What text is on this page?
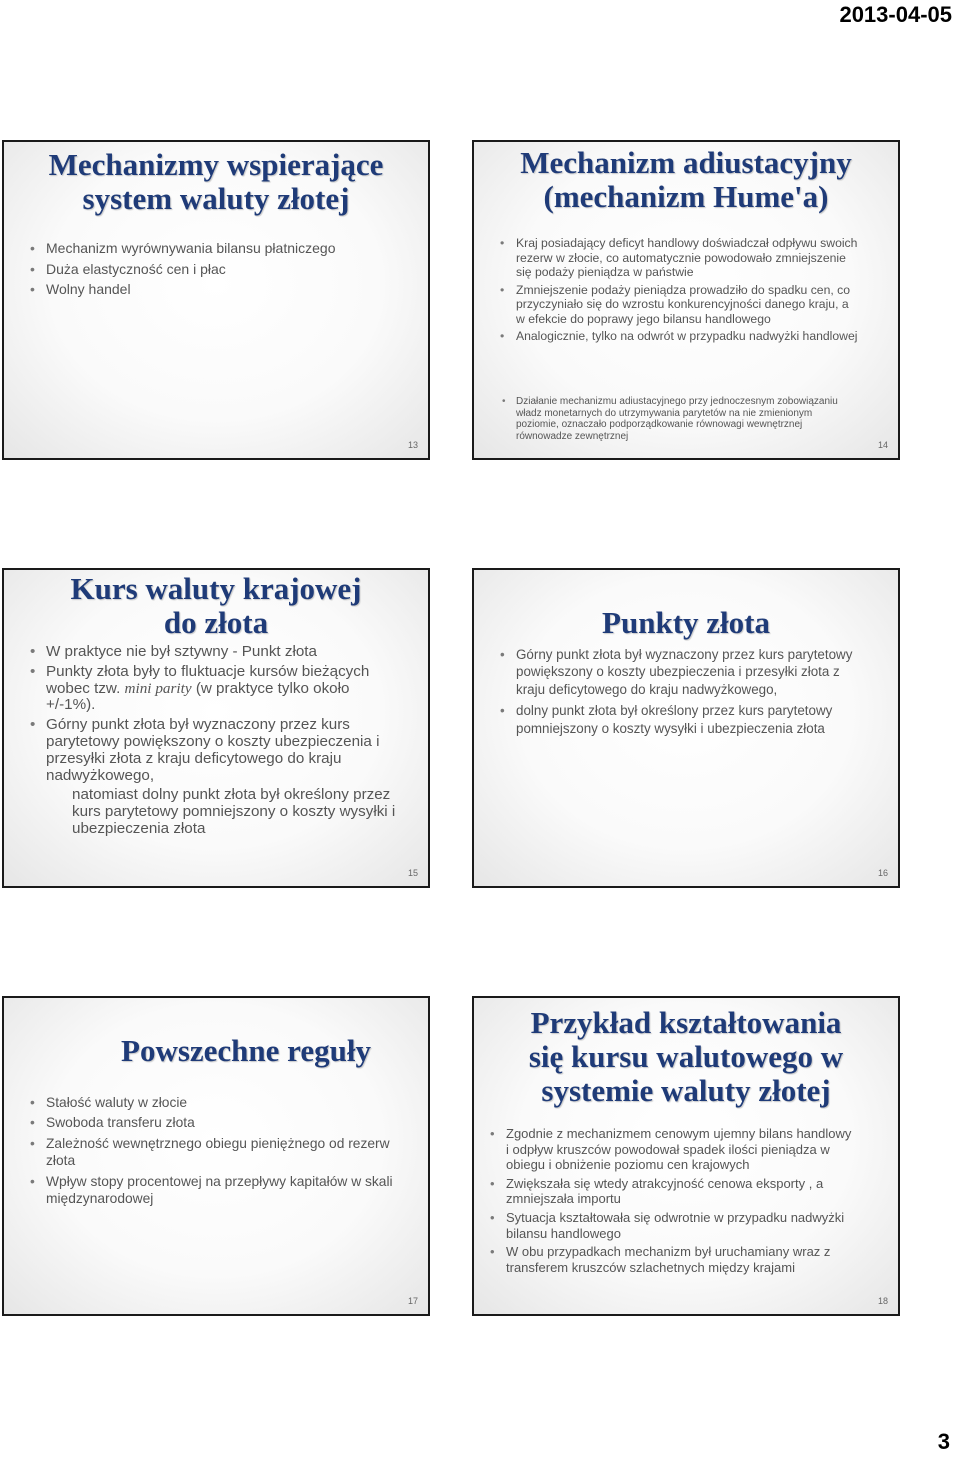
2013-04-05
Mechanizmy wspierające
system waluty złotej
• Mechanizm wyrównywania bilansu płatniczego
• Duża elastyczność cen i płac
• Wolny handel
13
Mechanizm adiustacyjny
(mechanizm Hume'a)
• Kraj posiadający deficyt handlowy doświadczał odpływu swoich rezerw w złocie, co automatycznie powodowało zmniejszenie się podaży pieniądza w państwie
• Zmniejszenie podaży pieniądza prowadziło do spadku cen, co przyczyniało się do wzrostu konkurencyjności danego kraju, a w efekcie do poprawy jego bilansu handlowego
• Analogicznie, tylko na odwrót w przypadku nadwyżki handlowej
• Działanie mechanizmu adiustacyjnego przy jednoczesnym zobowiązaniu władz monetarnych do utrzymywania parytetów na nie zmienionym poziomie, oznaczało podporządkowanie równowagi wewnętrznej równowadze zewnętrznej
14
Kurs waluty krajowej
do złota
• W praktyce nie był sztywny - Punkt złota
• Punkty złota były to fluktuacje kursów bieżących wobec tzw. mini parity (w praktyce tylko około +/-1%).
• Górny punkt złota był wyznaczony przez kurs parytetowy powiększony o koszty ubezpieczenia i przesyłki złota z kraju deficytowego do kraju nadwyżkowego,
natomiast dolny punkt złota był określony przez kurs parytetowy pomniejszony o koszty wysyłki i ubezpieczenia złota
15
Punkty złota
• Górny punkt złota był wyznaczony przez kurs parytetowy powiększony o koszty ubezpieczenia i przesyłki złota z kraju deficytowego do kraju nadwyżkowego,
• dolny punkt złota był określony przez kurs parytetowy pomniejszony o koszty wysyłki i ubezpieczenia złota
16
Powszechne reguły
• Stałość waluty w złocie
• Swoboda transferu złota
• Zależność wewnętrznego obiegu pieniężnego od rezerw złota
• Wpływ stopy procentowej na przepływy kapitałów w skali międzynarodowej
17
Przykład kształtowania
się kursu walutowego w
systemie waluty złotej
• Zgodnie z mechanizmem cenowym ujemny bilans handlowy i odpływ kruszców powodował spadek ilości pieniądza w obiegu i obniżenie poziomu cen krajowych
• Zwiększała się wtedy atrakcyjność cenowa eksporty , a zmniejszała importu
• Sytuacja kształtowała się odwrotnie w przypadku nadwyżki bilansu handlowego
• W obu przypadkach mechanizm był uruchamiany wraz z transferem kruszców szlachetnych między krajami
18
3
